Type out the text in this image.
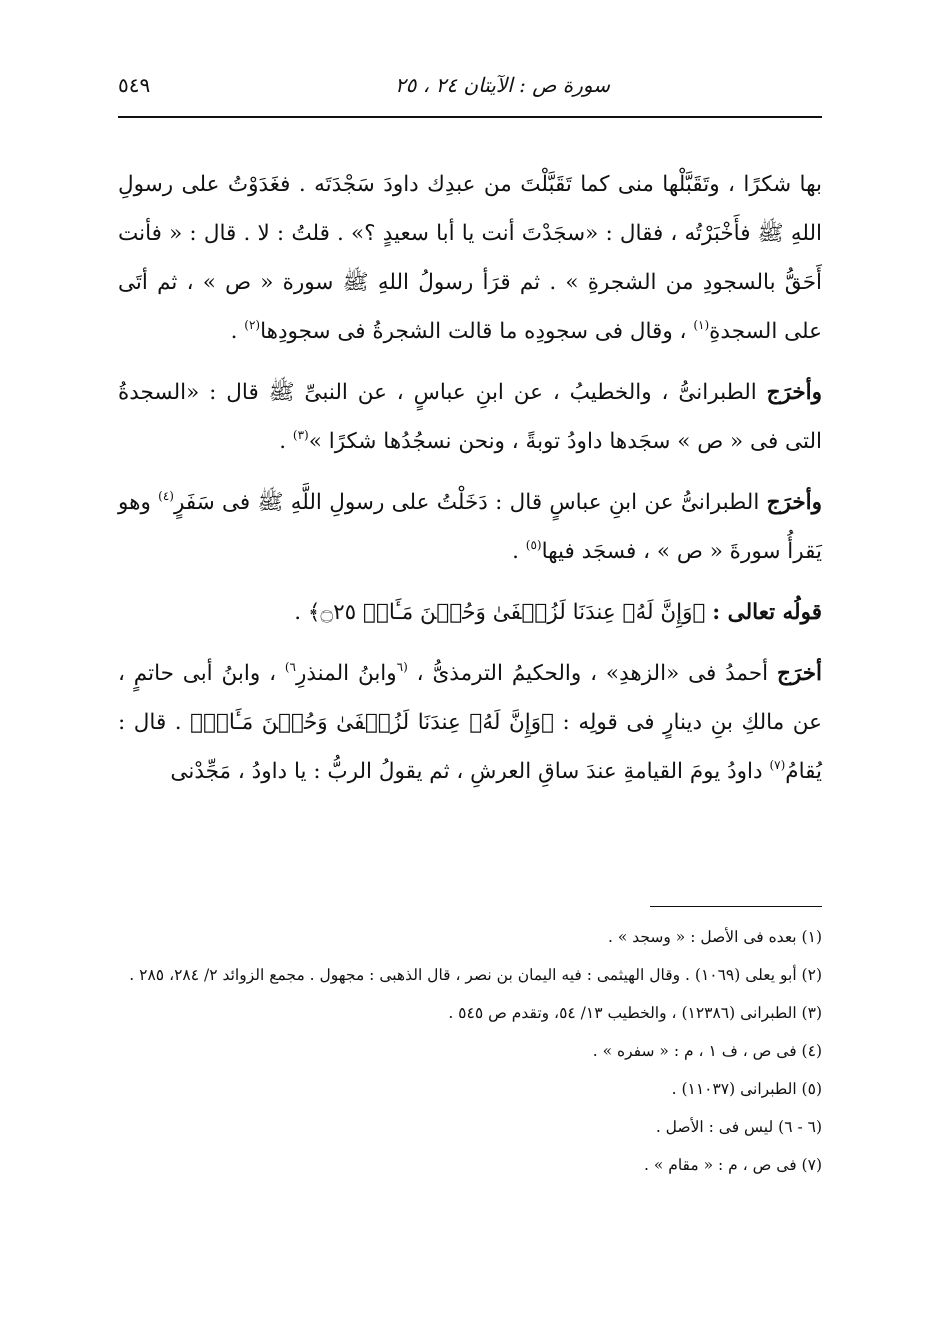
سورة ص : الآيتان ٢٤ ، ٢٥
٥٤٩

بها شكرًا ، وتَقَبَّلْها منى كما تَقَبَّلْتَ من عبدِك داودَ سَجْدَتَه . فغَدَوْتُ على رسولِ اللهِ ﷺ فأَخْبَرْتُه ، فقال : «سجَدْتَ أنت يا أبا سعيدٍ ؟» . قلتُ : لا . قال : « فأنت أَحَقُّ بالسجودِ من الشجرةِ » . ثم قرَأ رسولُ اللهِ ﷺ سورة « ص » ، ثم أتَى على السجدةِ$^{(١)}$ ، وقال فى سجودِه ما قالت الشجرةُ فى سجودِها$^{(٢)}$ .

وأخرَج الطبرانىُّ ، والخطيبُ ، عن ابنِ عباسٍ ، عن النبىِّ ﷺ قال : «السجدةُ التى فى « ص » سجَدها داودُ توبةً ، ونحن نسجُدُها شكرًا »$^{(٣)}$ .

وأخرَج الطبرانىُّ عن ابنِ عباسٍ قال : دَخَلْتُ على رسولِ اللَّهِ ﷺ فى سَفَرٍ$^{(٤)}$ وهو يَقرأُ سورةَ « ص » ، فسجَد فيها$^{(٥)}$ .

قولُه تعالى : ﴿وَإِنَّ لَهُۥ عِندَنَا لَزُلۡفَىٰ وَحُسۡنَ مَـَٔابٖ ۝٢٥﴾ .

أخرَج أحمدُ فى «الزهدِ» ، والحكيمُ الترمذىُّ ، $^{(٦}$وابنُ المنذرِ$^{٦)}$ ، وابنُ أبى حاتمٍ ، عن مالكِ بنِ دينارٍ فى قولِه : ﴿وَإِنَّ لَهُۥ عِندَنَا لَزُلۡفَىٰ وَحُسۡنَ مَـَٔابٖ﴾ . قال : يُقامُ$^{(٧)}$ داودُ يومَ القيامةِ عندَ ساقِ العرشِ ، ثم يقولُ الربُّ : يا داودُ ، مَجِّدْنى

(١) بعده فى الأصل : « وسجد » .
(٢) أبو يعلى (١٠٦٩) . وقال الهيثمى : فيه اليمان بن نصر ، قال الذهبى : مجهول . مجمع الزوائد ٢/ ٢٨٤، ٢٨٥ .
(٣) الطبرانى (١٢٣٨٦) ، والخطيب ١٣/ ٥٤، وتقدم ص ٥٤٥ .
(٤) فى ص ، ف ١ ، م : « سفره » .
(٥) الطبرانى (١١٠٣٧) .
(٦ - ٦) ليس فى : الأصل .
(٧) فى ص ، م : « مقام » .
